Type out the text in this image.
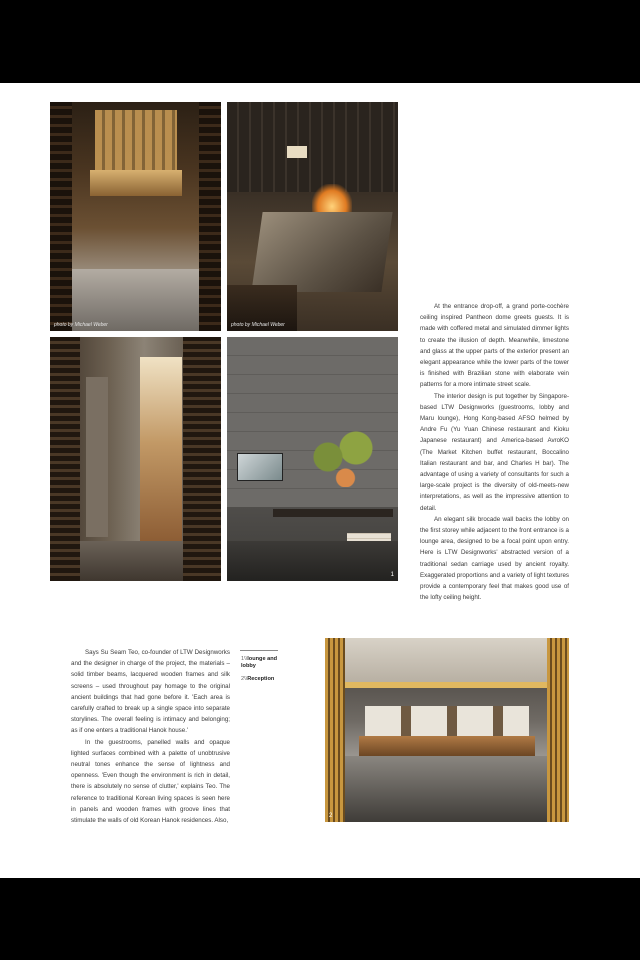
photo by Michael Weber	photo by Michael Weber
1

At the entrance drop-off, a grand porte-cochère ceiling inspired Pantheon dome greets guests. It is made with coffered metal and simulated dimmer lights to create the illusion of depth. Meanwhile, limestone and glass at the upper parts of the exterior present an elegant appearance while the lower parts of the tower is finished with Brazilian stone with elaborate vein patterns for a more intimate street scale.

The interior design is put together by Singapore-based LTW Designworks (guestrooms, lobby and Maru lounge), Hong Kong-based AFSO helmed by Andre Fu (Yu Yuan Chinese restaurant and Kioku Japanese restaurant) and America-based AvroKO (The Market Kitchen buffet restaurant, Boccalino Italian restaurant and bar, and Charles H bar). The advantage of using a variety of consultants for such a large-scale project is the diversity of old-meets-new interpretations, as well as the impressive attention to detail.

An elegant silk brocade wall backs the lobby on the first storey while adjacent to the front entrance is a lounge area, designed to be a focal point upon entry. Here is LTW Designworks' abstracted version of a traditional sedan carriage used by ancient royalty. Exaggerated proportions and a variety of light textures provide a contemporary feel that makes good use of the lofty ceiling height.

Says Su Seam Teo, co-founder of LTW Designworks and the designer in charge of the project, the materials – solid timber beams, lacquered wooden frames and silk screens – used throughout pay homage to the original ancient buildings that had gone before it. 'Each area is carefully crafted to break up a single space into separate storylines. The overall feeling is intimacy and belonging; as if one enters a traditional Hanok house.'

In the guestrooms, panelled walls and opaque lighted surfaces combined with a palette of unobtrusive neutral tones enhance the sense of lightness and openness. 'Even though the environment is rich in detail, there is absolutely no sense of clutter,' explains Teo. The reference to traditional Korean living spaces is seen here in panels and wooden frames with groove lines that stimulate the walls of old Korean Hanok residences. Also,

1\\lounge and lobby
2\\Reception
2
